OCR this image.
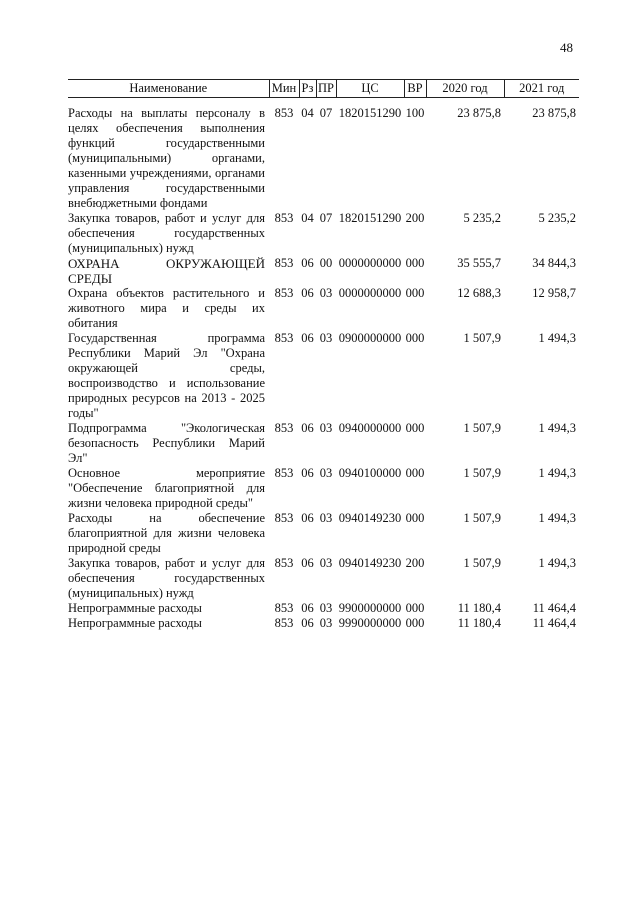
48
Наименование	Мин	Рз	ПР	ЦС	ВР	2020 год	2021 год
Расходы на выплаты персоналу в целях обеспечения выполнения функций государственными (муниципальными) органами, казенными учреждениями, органами управления государственными внебюджетными фондами	853	04	07	1820151290	100	23 875,8	23 875,8
Закупка товаров, работ и услуг для обеспечения государственных (муниципальных) нужд	853	04	07	1820151290	200	5 235,2	5 235,2
ОХРАНА ОКРУЖАЮЩЕЙ СРЕДЫ	853	06	00	0000000000	000	35 555,7	34 844,3
Охрана объектов растительного и животного мира и среды их обитания	853	06	03	0000000000	000	12 688,3	12 958,7
Государственная программа Республики Марий Эл "Охрана окружающей среды, воспроизводство и использование природных ресурсов на 2013 - 2025 годы"	853	06	03	0900000000	000	1 507,9	1 494,3
Подпрограмма "Экологическая безопасность Республики Марий Эл"	853	06	03	0940000000	000	1 507,9	1 494,3
Основное мероприятие "Обеспечение благоприятной для жизни человека природной среды"	853	06	03	0940100000	000	1 507,9	1 494,3
Расходы на обеспечение благоприятной для жизни человека природной среды	853	06	03	0940149230	000	1 507,9	1 494,3
Закупка товаров, работ и услуг для обеспечения государственных (муниципальных) нужд	853	06	03	0940149230	200	1 507,9	1 494,3
Непрограммные расходы	853	06	03	9900000000	000	11 180,4	11 464,4
Непрограммные расходы	853	06	03	9990000000	000	11 180,4	11 464,4
